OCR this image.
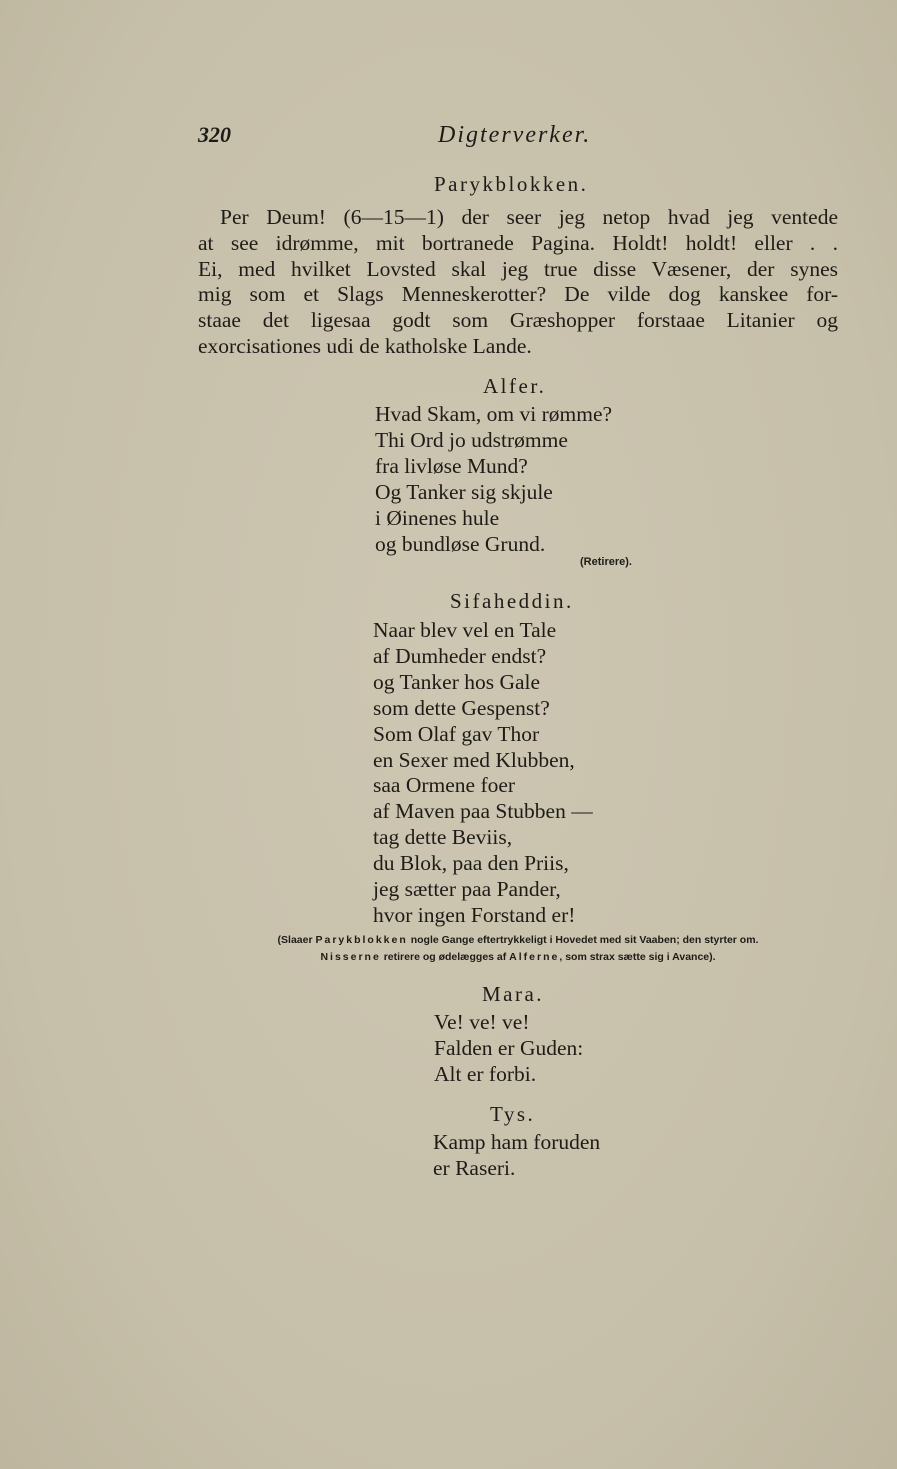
320	Digterverker.
Parykblokken.
Per Deum! (6—15—1) der seer jeg netop hvad jeg ventede
at see idrømme, mit bortranede Pagina. Holdt! holdt! eller . .
Ei, med hvilket Lovsted skal jeg true disse Væsener, der synes
mig som et Slags Menneskerotter? De vilde dog kanskee for-
staae det ligesaa godt som Græshopper forstaae Litanier og
exorcisationes udi de katholske Lande.
Alfer.
Hvad Skam, om vi rømme?
Thi Ord jo udstrømme
fra livløse Mund?
Og Tanker sig skjule
i Øinenes hule
og bundløse Grund.
(Retirere).
Sifaheddin.
Naar blev vel en Tale
af Dumheder endst?
og Tanker hos Gale
som dette Gespenst?
Som Olaf gav Thor
en Sexer med Klubben,
saa Ormene foer
af Maven paa Stubben —
tag dette Beviis,
du Blok, paa den Priis,
jeg sætter paa Pander,
hvor ingen Forstand er!
(Slaaer Parykblokken nogle Gange eftertrykkeligt i Hovedet med sit Vaaben; den styrter om.
Nisserne retirere og ødelægges af Alferne, som strax sætte sig i Avance).
Mara.
Ve! ve! ve!
Falden er Guden:
Alt er forbi.
Tys.
Kamp ham foruden
er Raseri.
